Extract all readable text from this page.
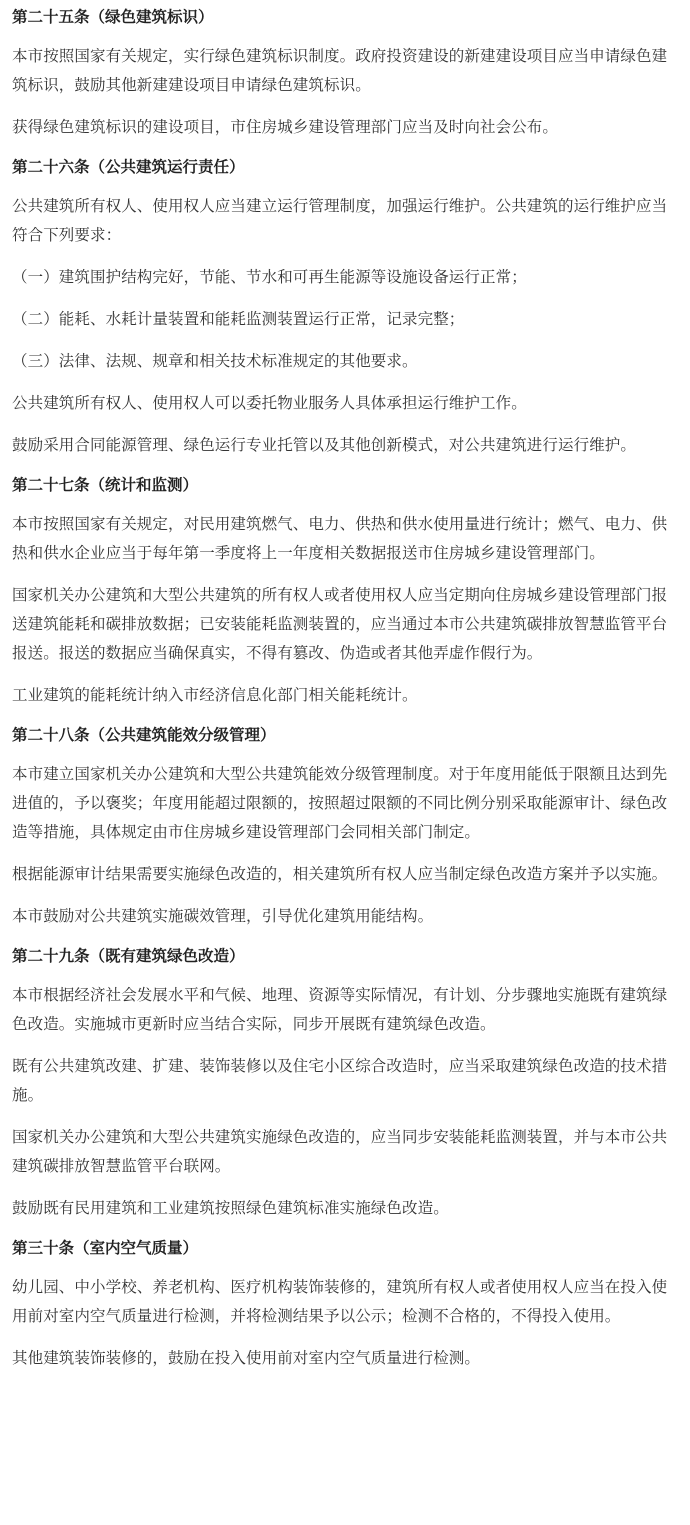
第二十五条（绿色建筑标识）

本市按照国家有关规定，实行绿色建筑标识制度。政府投资建设的新建建设项目应当申请绿色建筑标识，鼓励其他新建建设项目申请绿色建筑标识。

获得绿色建筑标识的建设项目，市住房城乡建设管理部门应当及时向社会公布。

第二十六条（公共建筑运行责任）

公共建筑所有权人、使用权人应当建立运行管理制度，加强运行维护。公共建筑的运行维护应当符合下列要求：

（一）建筑围护结构完好，节能、节水和可再生能源等设施设备运行正常；

（二）能耗、水耗计量装置和能耗监测装置运行正常，记录完整；

（三）法律、法规、规章和相关技术标准规定的其他要求。

公共建筑所有权人、使用权人可以委托物业服务人具体承担运行维护工作。

鼓励采用合同能源管理、绿色运行专业托管以及其他创新模式，对公共建筑进行运行维护。

第二十七条（统计和监测）

本市按照国家有关规定，对民用建筑燃气、电力、供热和供水使用量进行统计；燃气、电力、供热和供水企业应当于每年第一季度将上一年度相关数据报送市住房城乡建设管理部门。

国家机关办公建筑和大型公共建筑的所有权人或者使用权人应当定期向住房城乡建设管理部门报送建筑能耗和碳排放数据；已安装能耗监测装置的，应当通过本市公共建筑碳排放智慧监管平台报送。报送的数据应当确保真实，不得有篡改、伪造或者其他弄虚作假行为。

工业建筑的能耗统计纳入市经济信息化部门相关能耗统计。

第二十八条（公共建筑能效分级管理）

本市建立国家机关办公建筑和大型公共建筑能效分级管理制度。对于年度用能低于限额且达到先进值的，予以褒奖；年度用能超过限额的，按照超过限额的不同比例分别采取能源审计、绿色改造等措施，具体规定由市住房城乡建设管理部门会同相关部门制定。

根据能源审计结果需要实施绿色改造的，相关建筑所有权人应当制定绿色改造方案并予以实施。

本市鼓励对公共建筑实施碳效管理，引导优化建筑用能结构。

第二十九条（既有建筑绿色改造）

本市根据经济社会发展水平和气候、地理、资源等实际情况，有计划、分步骤地实施既有建筑绿色改造。实施城市更新时应当结合实际，同步开展既有建筑绿色改造。

既有公共建筑改建、扩建、装饰装修以及住宅小区综合改造时，应当采取建筑绿色改造的技术措施。

国家机关办公建筑和大型公共建筑实施绿色改造的，应当同步安装能耗监测装置，并与本市公共建筑碳排放智慧监管平台联网。

鼓励既有民用建筑和工业建筑按照绿色建筑标准实施绿色改造。

第三十条（室内空气质量）

幼儿园、中小学校、养老机构、医疗机构装饰装修的，建筑所有权人或者使用权人应当在投入使用前对室内空气质量进行检测，并将检测结果予以公示；检测不合格的，不得投入使用。

其他建筑装饰装修的，鼓励在投入使用前对室内空气质量进行检测。
